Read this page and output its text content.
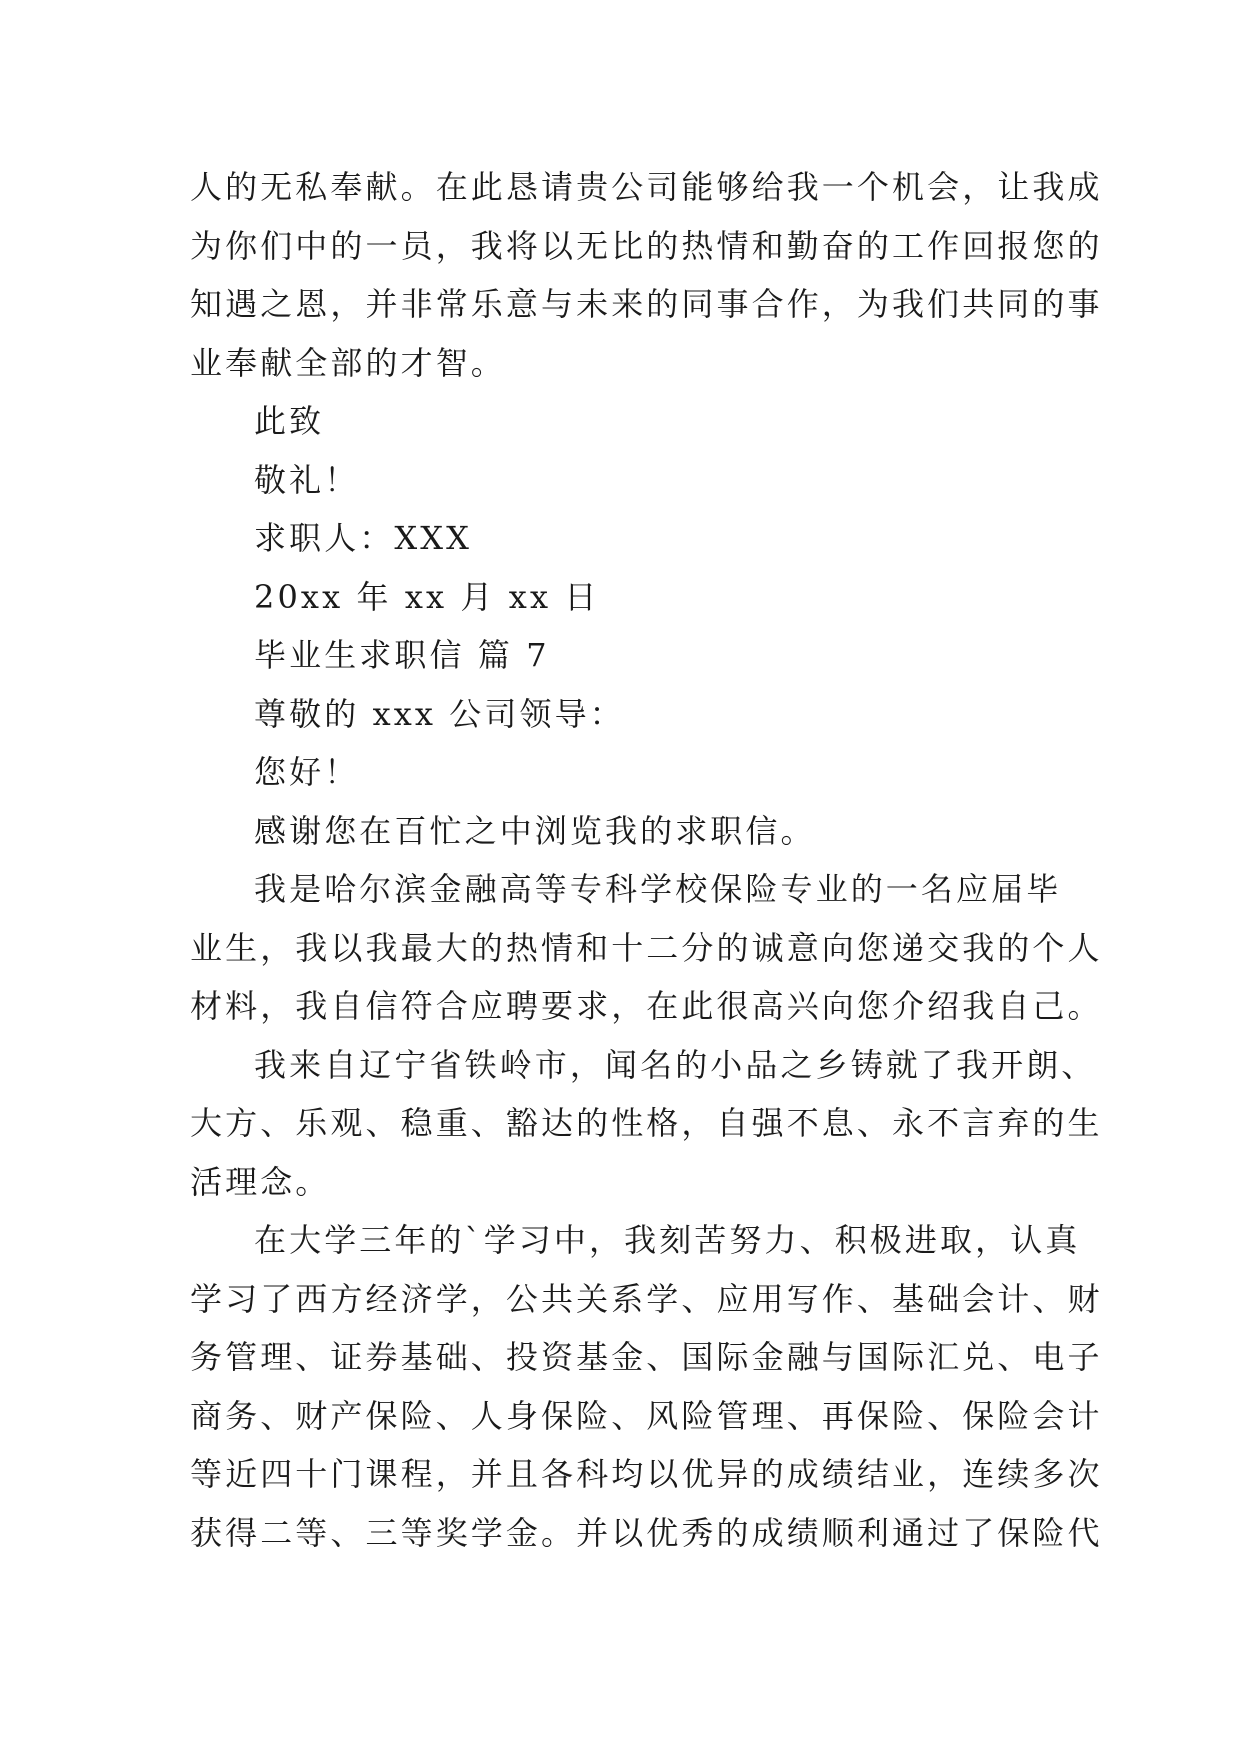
人的无私奉献。在此恳请贵公司能够给我一个机会，让我成
为你们中的一员，我将以无比的热情和勤奋的工作回报您的
知遇之恩，并非常乐意与未来的同事合作，为我们共同的事
业奉献全部的才智。
此致
敬礼！
求职人：XXX
20xx 年 xx 月 xx 日
毕业生求职信 篇 7
尊敬的 xxx 公司领导：
您好！
感谢您在百忙之中浏览我的求职信。
我是哈尔滨金融高等专科学校保险专业的一名应届毕
业生，我以我最大的热情和十二分的诚意向您递交我的个人
材料，我自信符合应聘要求，在此很高兴向您介绍我自己。
我来自辽宁省铁岭市，闻名的小品之乡铸就了我开朗、
大方、乐观、稳重、豁达的性格，自强不息、永不言弃的生
活理念。
在大学三年的`学习中，我刻苦努力、积极进取，认真
学习了西方经济学，公共关系学、应用写作、基础会计、财
务管理、证券基础、投资基金、国际金融与国际汇兑、电子
商务、财产保险、人身保险、风险管理、再保险、保险会计
等近四十门课程，并且各科均以优异的成绩结业，连续多次
获得二等、三等奖学金。并以优秀的成绩顺利通过了保险代
